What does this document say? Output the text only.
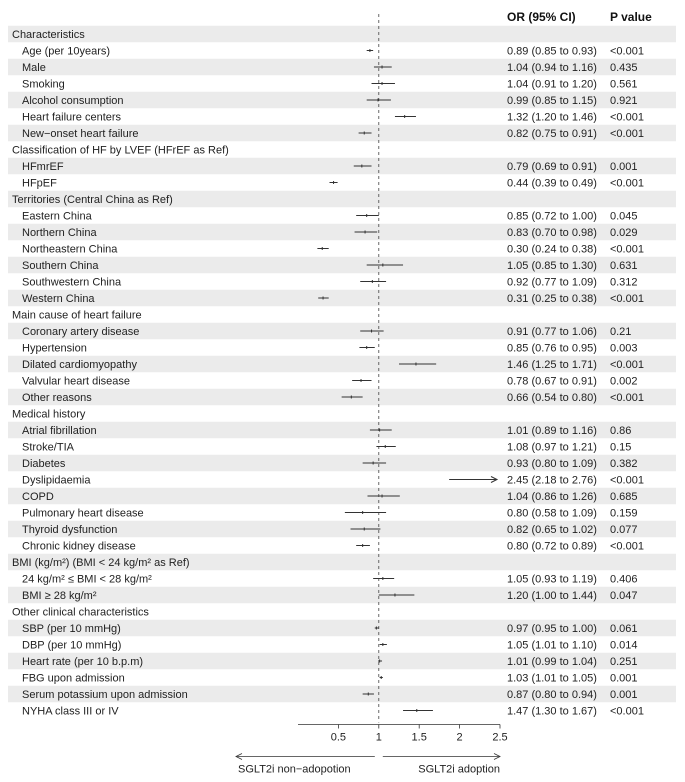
Characteristics
Age (per 10years)	0.89 (0.85 to 0.93) <0.001
Male	1.04 (0.94 to 1.16) 0.435
Smoking	1.04 (0.91 to 1.20) 0.561
Alcohol consumption	0.99 (0.85 to 1.15) 0.921
Heart failure centers	1.32 (1.20 to 1.46) <0.001
New−onset heart failure	0.82 (0.75 to 0.91) <0.001
Classification of HF by LVEF (HFrEF as Ref)
HFmrEF	0.79 (0.69 to 0.91) 0.001
HFpEF	0.44 (0.39 to 0.49) <0.001
Territories (Central China as Ref)
Eastern China	0.85 (0.72 to 1.00) 0.045
Northern China	0.83 (0.70 to 0.98) 0.029
Northeastern China	0.30 (0.24 to 0.38) <0.001
Southern China	1.05 (0.85 to 1.30) 0.631
Southwestern China	0.92 (0.77 to 1.09) 0.312
Western China	0.31 (0.25 to 0.38) <0.001
Main cause of heart failure
Coronary artery disease	0.91 (0.77 to 1.06) 0.21
Hypertension	0.85 (0.76 to 0.95) 0.003
Dilated cardiomyopathy	1.46 (1.25 to 1.71) <0.001
Valvular heart disease	0.78 (0.67 to 0.91) 0.002
Other reasons	0.66 (0.54 to 0.80) <0.001
Medical history
Atrial fibrillation	1.01 (0.89 to 1.16) 0.86
Stroke/TIA	1.08 (0.97 to 1.21) 0.15
Diabetes	0.93 (0.80 to 1.09) 0.382
Dyslipidaemia	2.45 (2.18 to 2.76) <0.001
COPD	1.04 (0.86 to 1.26) 0.685
Pulmonary heart disease	0.80 (0.58 to 1.09) 0.159
Thyroid dysfunction	0.82 (0.65 to 1.02) 0.077
Chronic kidney disease	0.80 (0.72 to 0.89) <0.001
BMI (kg/m²) (BMI < 24 kg/m² as Ref)
24 kg/m² ≤ BMI < 28 kg/m²	1.05 (0.93 to 1.19) 0.406
BMI ≥ 28 kg/m²	1.20 (1.00 to 1.44) 0.047
Other clinical characteristics
SBP (per 10 mmHg)	0.97 (0.95 to 1.00) 0.061
DBP (per 10 mmHg)	1.05 (1.01 to 1.10) 0.014
Heart rate (per 10 b.p.m)	1.01 (0.99 to 1.04) 0.251
FBG upon admission	1.03 (1.01 to 1.05) 0.001
Serum potassium upon admission	0.87 (0.80 to 0.94) 0.001
NYHA class III or IV	1.47 (1.30 to 1.67) <0.001
OR (95% CI)	P value
0.5	1	1.5	2	2.5
SGLT2i non−adopotion	SGLT2i adoption
